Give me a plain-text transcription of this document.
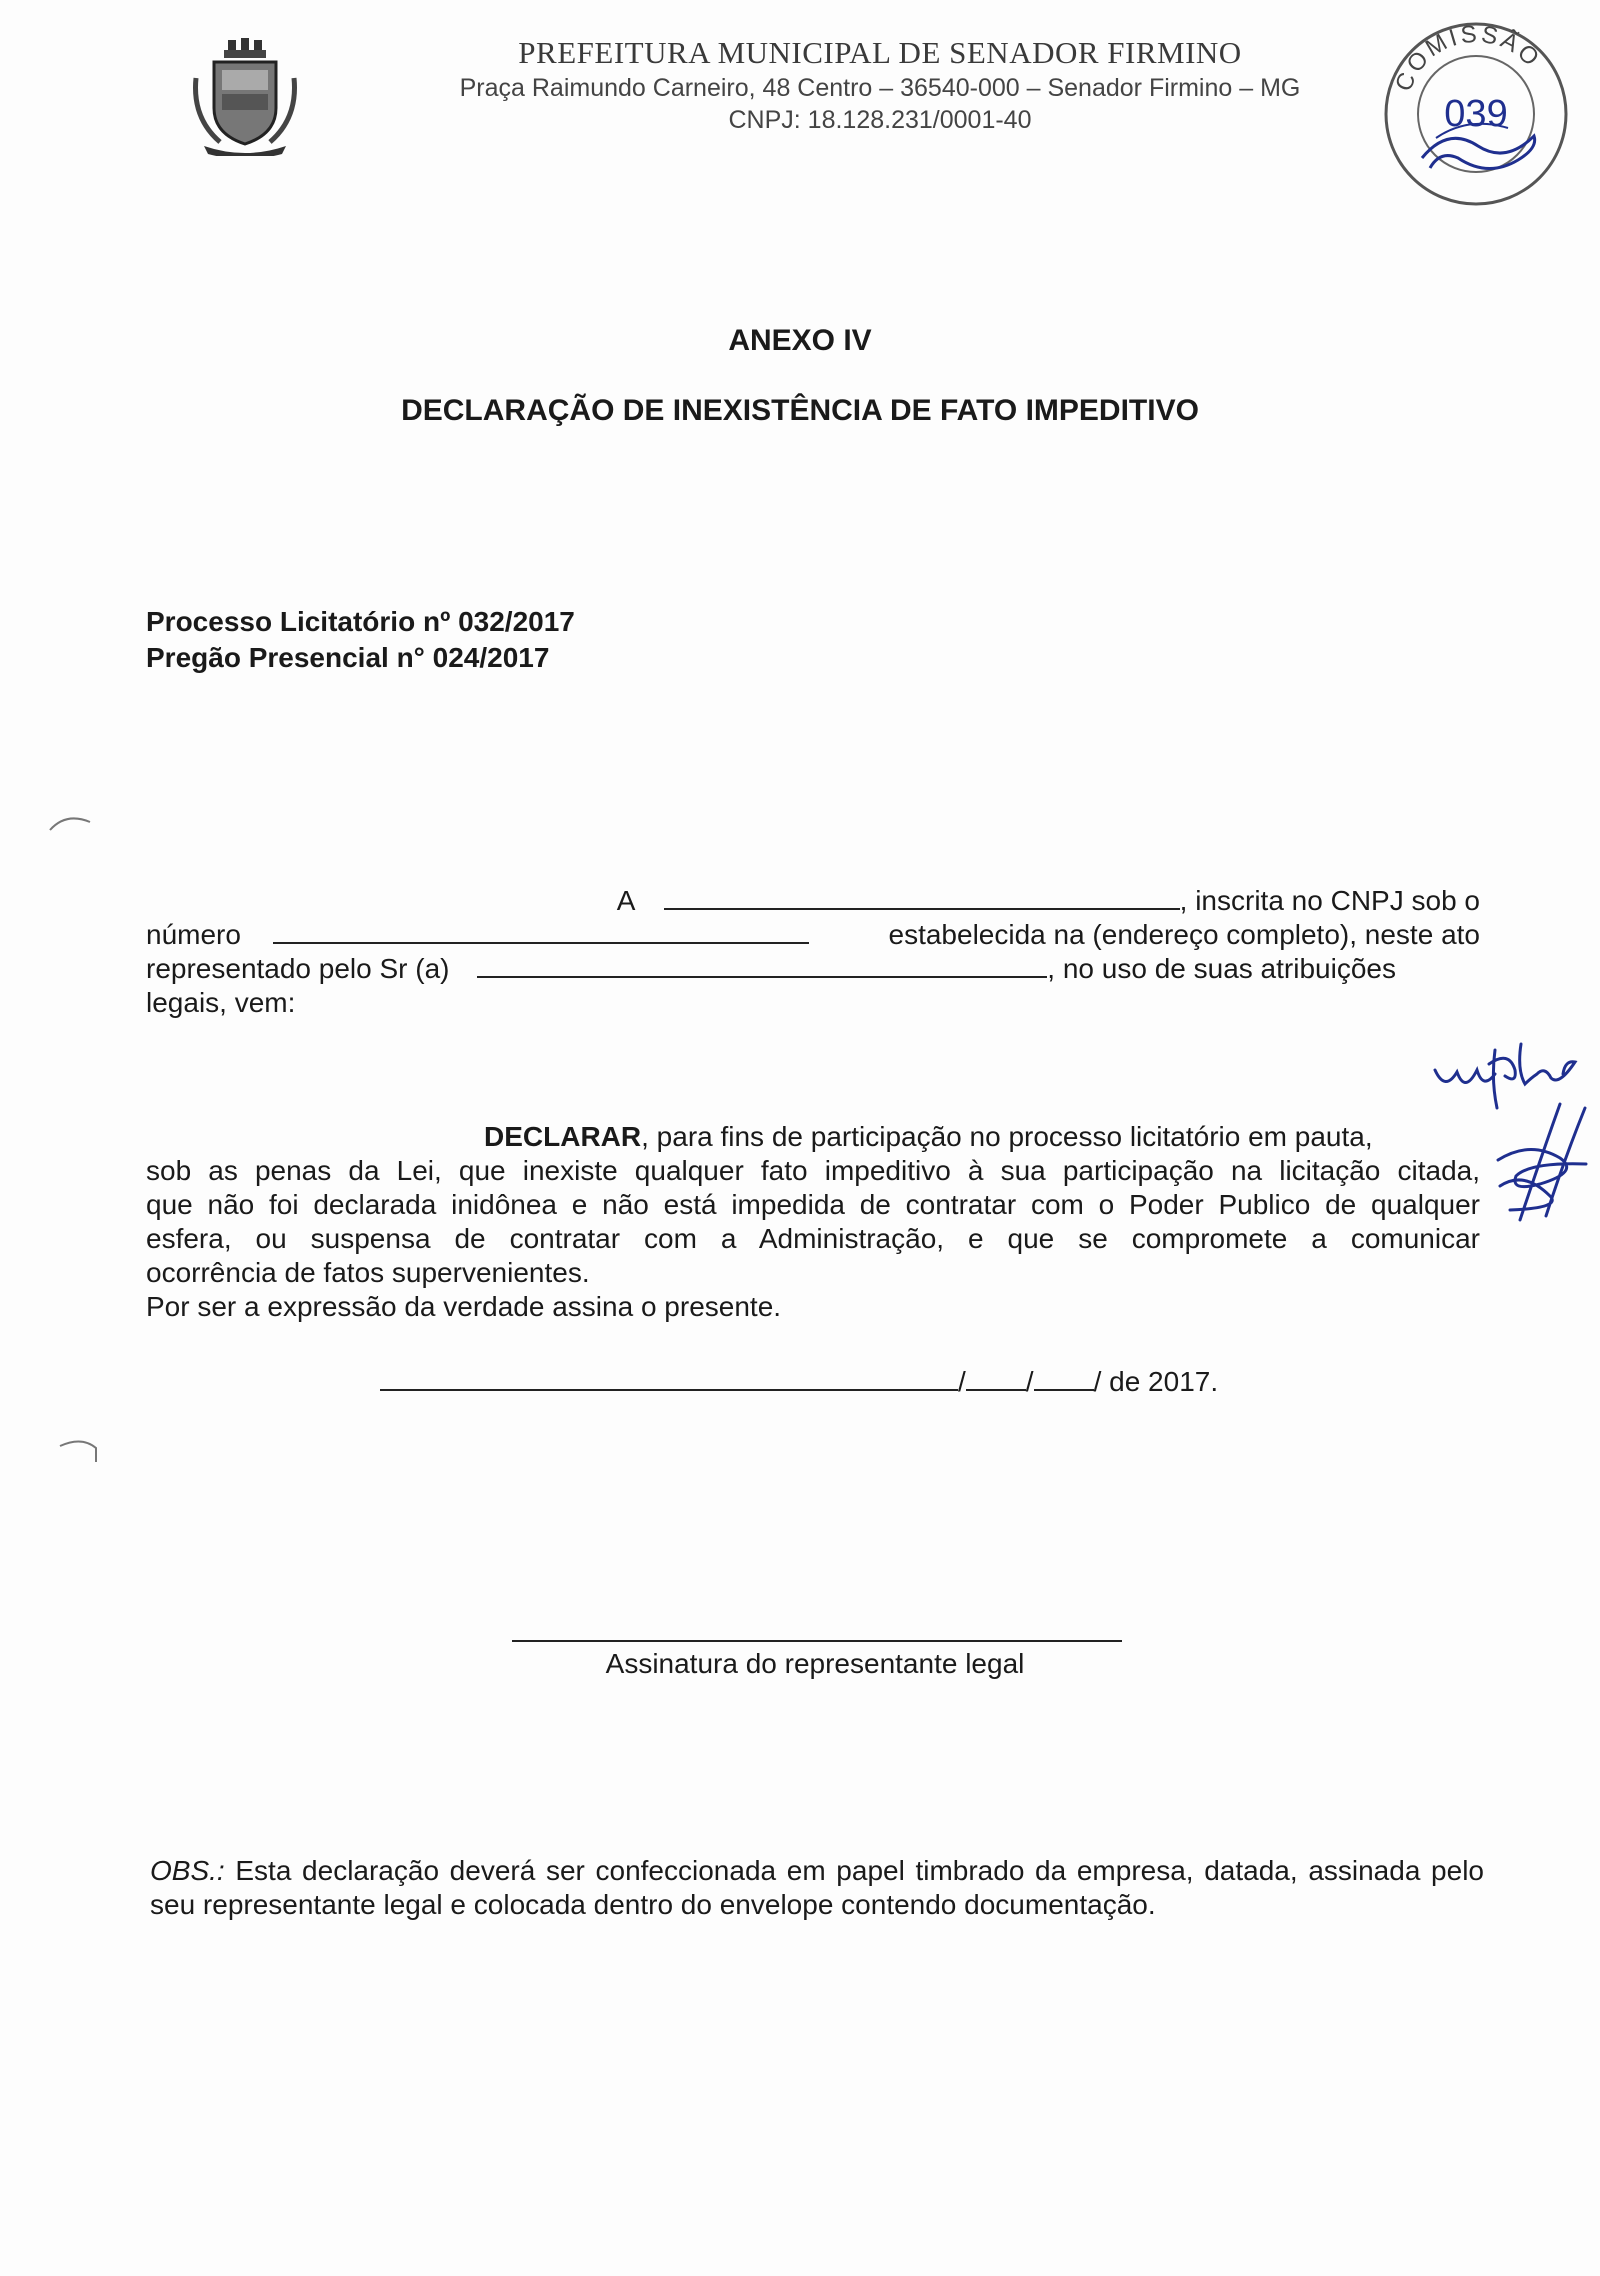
PREFEITURA MUNICIPAL DE SENADOR FIRMINO
Praça Raimundo Carneiro, 48 Centro – 36540-000 – Senador Firmino – MG
CNPJ: 18.128.231/0001-40
COMISSÃO
039
ANEXO IV
DECLARAÇÃO DE INEXISTÊNCIA DE FATO IMPEDITIVO
Processo Licitatório nº 032/2017
Pregão Presencial n° 024/2017
A	, inscrita no CNPJ sob o
número	estabelecida na (endereço completo), neste ato
representado pelo Sr (a)	, no uso de suas atribuições
legais, vem:
DECLARAR, para fins de participação no processo licitatório em pauta,
sob as penas da Lei, que inexiste qualquer fato impeditivo à sua participação na licitação citada,
que não foi declarada inidônea e não está impedida de contratar com o Poder Publico de qualquer
esfera, ou suspensa de contratar com a Administração, e que se compromete a comunicar
ocorrência de fatos supervenientes.
Por ser a expressão da verdade assina o presente.
/ / / de 2017.
Assinatura do representante legal
OBS.: Esta declaração deverá ser confeccionada em papel timbrado da empresa, datada, assinada pelo seu representante legal e colocada dentro do envelope contendo documentação.
